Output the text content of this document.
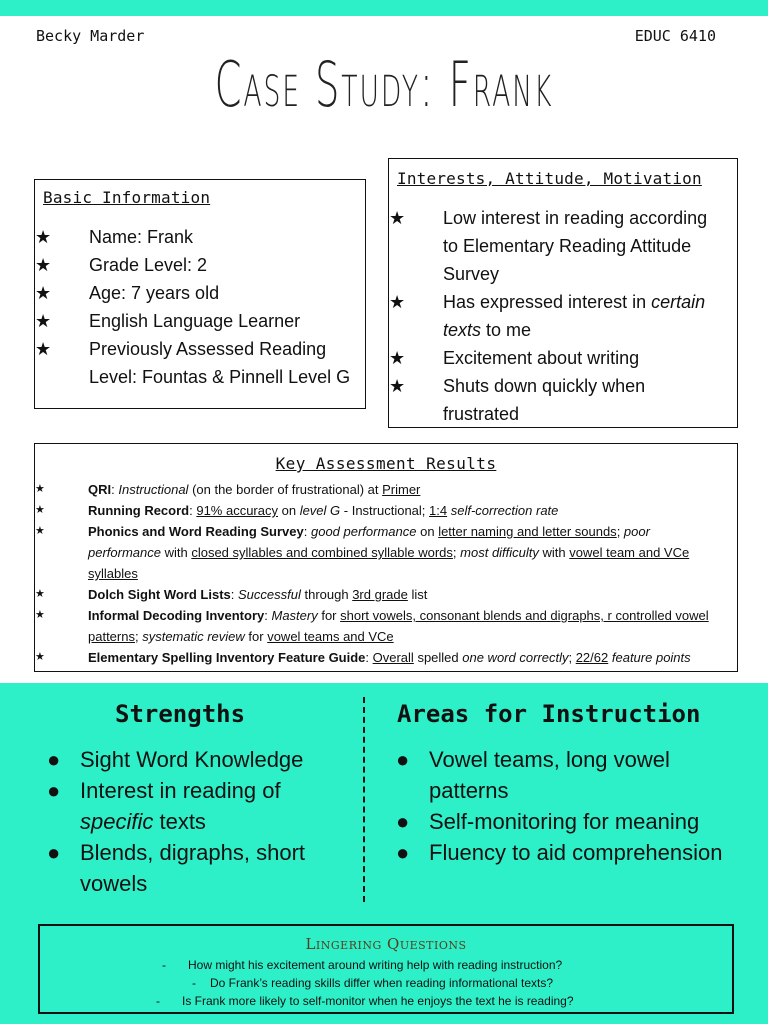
Becky Marder	EDUC 6410
Case Study: Frank
Basic Information
★ Name: Frank
★ Grade Level: 2
★ Age: 7 years old
★ English Language Learner
★ Previously Assessed Reading Level: Fountas & Pinnell Level G
Interests, Attitude, Motivation
★ Low interest in reading according to Elementary Reading Attitude Survey
★ Has expressed interest in certain texts to me
★ Excitement about writing
★ Shuts down quickly when frustrated
Key Assessment Results
★	QRI: Instructional (on the border of frustrational) at Primer
★	Running Record: 91% accuracy on level G - Instructional; 1:4 self-correction rate
★	Phonics and Word Reading Survey: good performance on letter naming and letter sounds; poor performance with closed syllables and combined syllable words; most difficulty with vowel team and VCe syllables
★	Dolch Sight Word Lists: Successful through 3rd grade list
★	Informal Decoding Inventory: Mastery for short vowels, consonant blends and digraphs, r controlled vowel patterns; systematic review for vowel teams and VCe
★	Elementary Spelling Inventory Feature Guide: Overall spelled one word correctly; 22/62 feature points
Strengths	Areas for Instruction
● Sight Word Knowledge
● Interest in reading of specific texts
● Blends, digraphs, short vowels
● Vowel teams, long vowel patterns
● Self-monitoring for meaning
● Fluency to aid comprehension
Lingering Questions
- How might his excitement around writing help with reading instruction?
- Do Frank’s reading skills differ when reading informational texts?
- Is Frank more likely to self-monitor when he enjoys the text he is reading?
